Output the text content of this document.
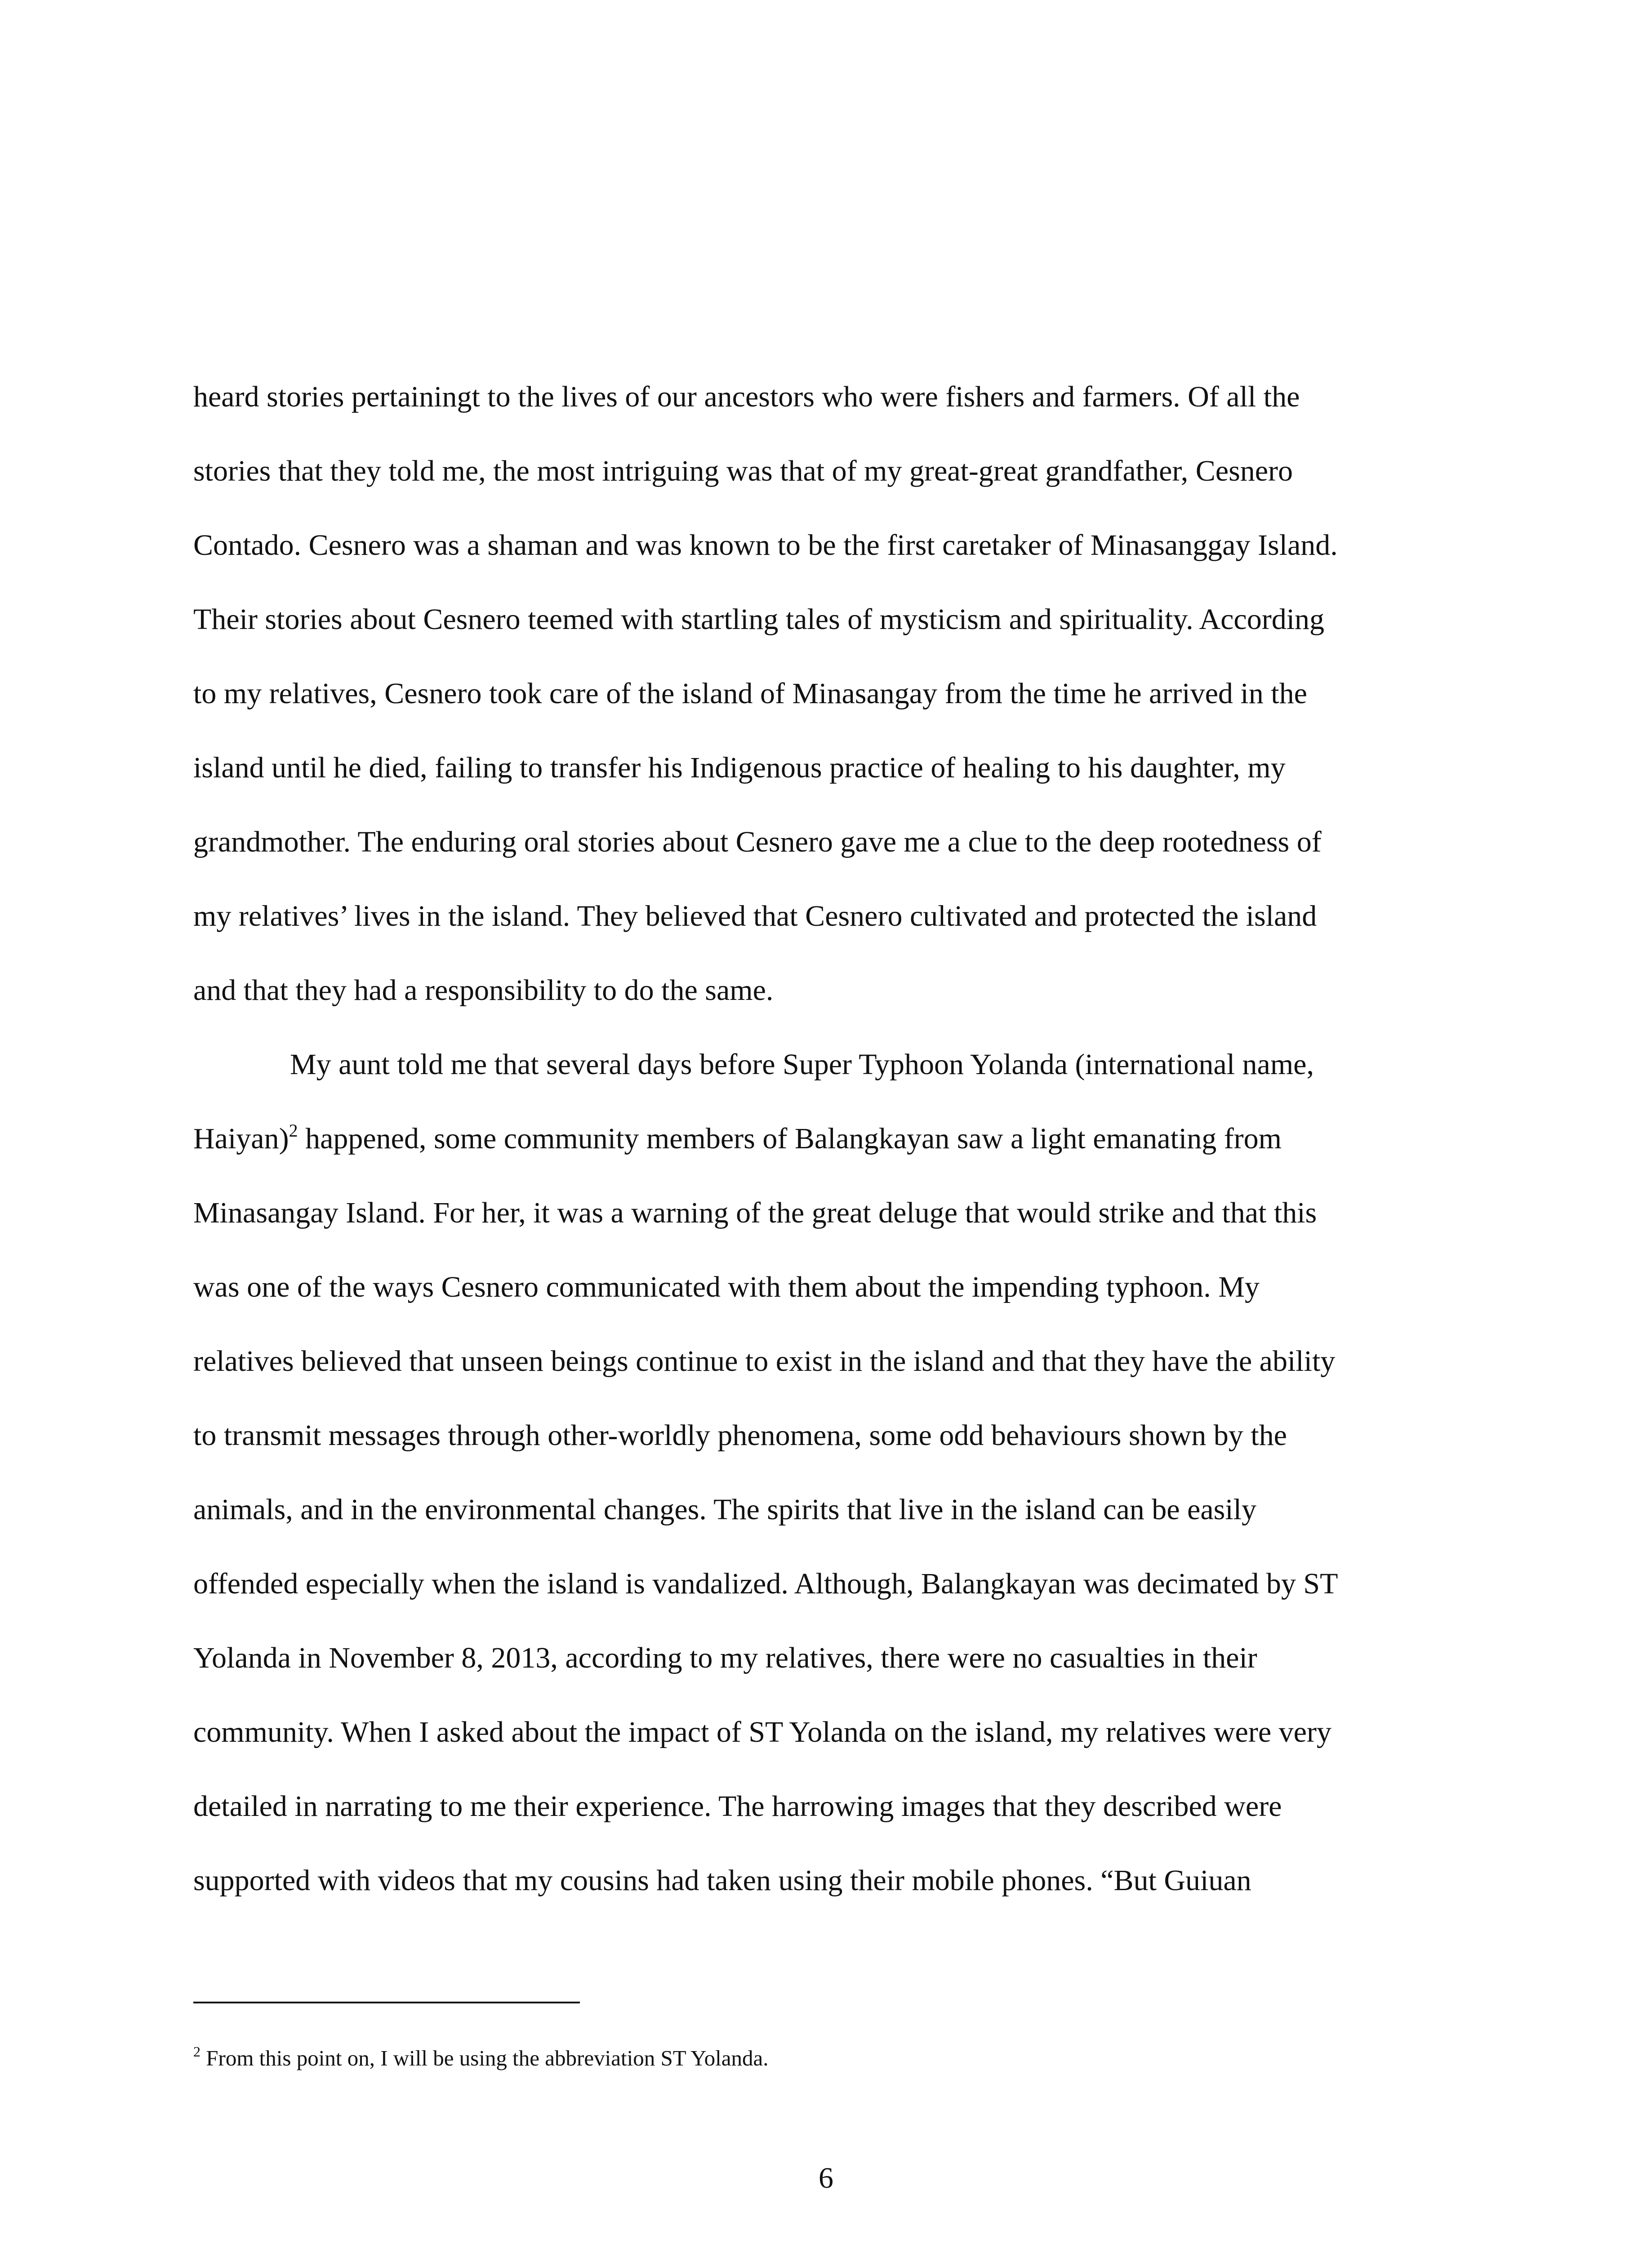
heard stories pertainingt to the lives of our ancestors who were fishers and farmers. Of all the

stories that they told me, the most intriguing was that of my great-great grandfather, Cesnero

Contado. Cesnero was a shaman and was known to be the first caretaker of Minasanggay Island.

Their stories about Cesnero teemed with startling tales of mysticism and spirituality. According

to my relatives, Cesnero took care of the island of Minasangay from the time he arrived in the

island until he died, failing to transfer his Indigenous practice of healing to his daughter, my

grandmother. The enduring oral stories about Cesnero gave me a clue to the deep rootedness of

my relatives’ lives in the island. They believed that Cesnero cultivated and protected the island

and that they had a responsibility to do the same.

My aunt told me that several days before Super Typhoon Yolanda (international name,

Haiyan)$^2$ happened, some community members of Balangkayan saw a light emanating from

Minasangay Island. For her, it was a warning of the great deluge that would strike and that this

was one of the ways Cesnero communicated with them about the impending typhoon. My

relatives believed that unseen beings continue to exist in the island and that they have the ability

to transmit messages through other-worldly phenomena, some odd behaviours shown by the

animals, and in the environmental changes. The spirits that live in the island can be easily

offended especially when the island is vandalized. Although, Balangkayan was decimated by ST

Yolanda in November 8, 2013, according to my relatives, there were no casualties in their

community. When I asked about the impact of ST Yolanda on the island, my relatives were very

detailed in narrating to me their experience. The harrowing images that they described were

supported with videos that my cousins had taken using their mobile phones. “But Guiuan

$^2$ From this point on, I will be using the abbreviation ST Yolanda.
6
